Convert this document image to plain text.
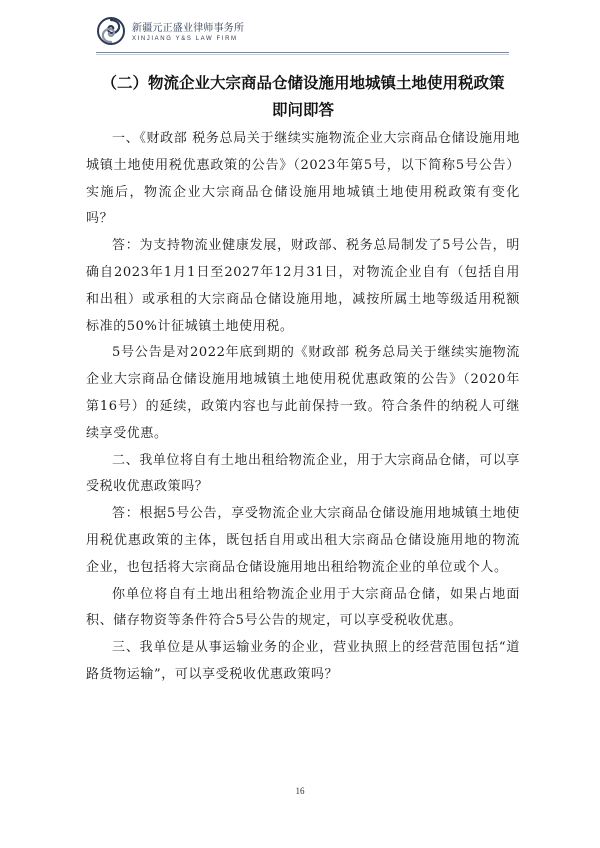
新疆元正盛业律师事务所
XINJIANG Y&S LAW FIRM
（二）物流企业大宗商品仓储设施用地城镇土地使用税政策
即问即答

一、《财政部 税务总局关于继续实施物流企业大宗商品仓储设施用地城镇土地使用税优惠政策的公告》（2023年第5号，以下简称5号公告）实施后，物流企业大宗商品仓储设施用地城镇土地使用税政策有变化吗？

答：为支持物流业健康发展，财政部、税务总局制发了5号公告，明确自2023年1月1日至2027年12月31日，对物流企业自有（包括自用和出租）或承租的大宗商品仓储设施用地，减按所属土地等级适用税额标准的50%计征城镇土地使用税。

5号公告是对2022年底到期的《财政部 税务总局关于继续实施物流企业大宗商品仓储设施用地城镇土地使用税优惠政策的公告》（2020年第16号）的延续，政策内容也与此前保持一致。符合条件的纳税人可继续享受优惠。

二、我单位将自有土地出租给物流企业，用于大宗商品仓储，可以享受税收优惠政策吗？

答：根据5号公告，享受物流企业大宗商品仓储设施用地城镇土地使用税优惠政策的主体，既包括自用或出租大宗商品仓储设施用地的物流企业，也包括将大宗商品仓储设施用地出租给物流企业的单位或个人。

你单位将自有土地出租给物流企业用于大宗商品仓储，如果占地面积、储存物资等条件符合5号公告的规定，可以享受税收优惠。

三、我单位是从事运输业务的企业，营业执照上的经营范围包括“道路货物运输”，可以享受税收优惠政策吗？

16
